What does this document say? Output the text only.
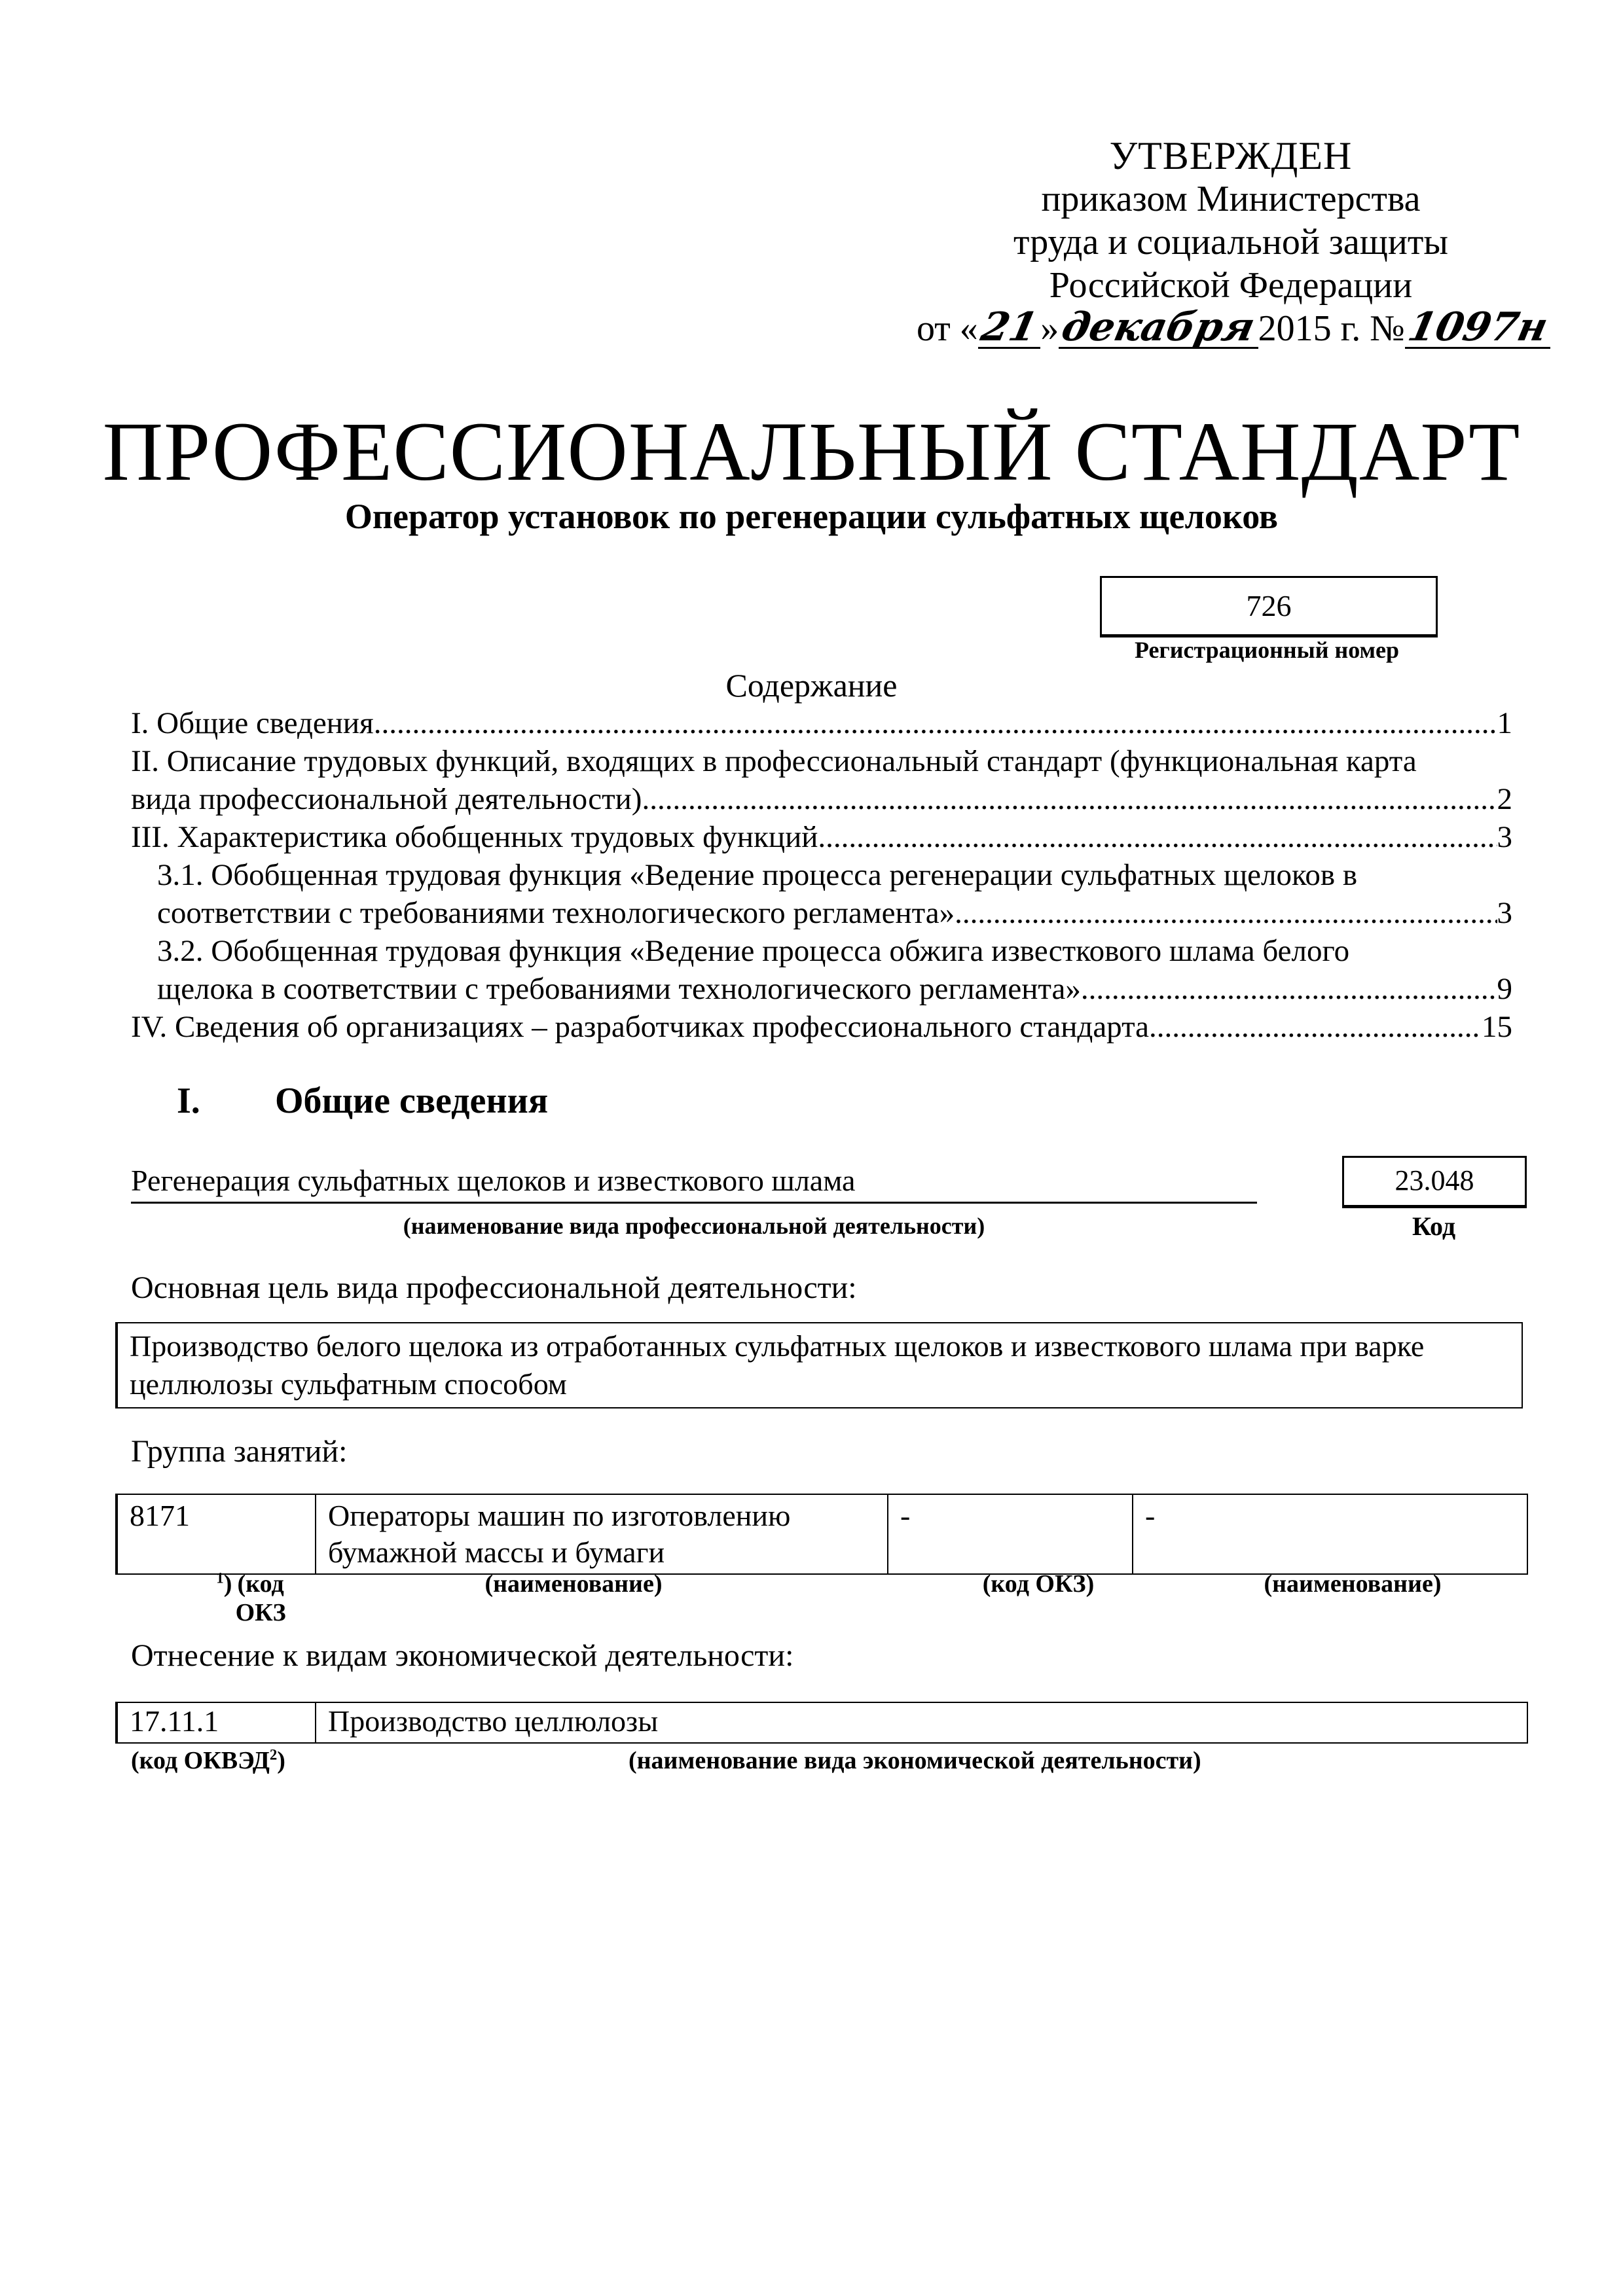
УТВЕРЖДЕН
приказом Министерства
труда и социальной защиты
Российской Федерации
от «21»декабря2015 г. №1097н
ПРОФЕССИОНАЛЬНЫЙ СТАНДАРТ
Оператор установок по регенерации сульфатных щелоков
726
Регистрационный номер
Содержание
I. Общие сведения .....	1
II. Описание трудовых функций, входящих в профессиональный стандарт (функциональная карта
вида профессиональной деятельности) .....	2
III. Характеристика обобщенных трудовых функций .....	3
3.1. Обобщенная трудовая функция «Ведение процесса регенерации сульфатных щелоков в
соответствии с требованиями технологического регламента» .....	3
3.2. Обобщенная трудовая функция «Ведение процесса обжига известкового шлама белого
щелока в соответствии с требованиями технологического регламента» .....	9
IV. Сведения об организациях – разработчиках профессионального стандарта .....	15
I. Общие сведения
Регенерация сульфатных щелоков и известкового шлама
(наименование вида профессиональной деятельности)
23.048
Код
Основная цель вида профессиональной деятельности:
Производство белого щелока из отработанных сульфатных щелоков и известкового шлама при варке целлюлозы сульфатным способом
Группа занятий:
8171	Операторы машин по изготовлению бумажной массы и бумаги	-	-
(код ОКЗ
$^1$ )	(наименование)	(код ОКЗ)	(наименование)
Отнесение к видам экономической деятельности:
17.11.1	Производство целлюлозы
(код ОКВЭД$^2$)	(наименование вида экономической деятельности)
